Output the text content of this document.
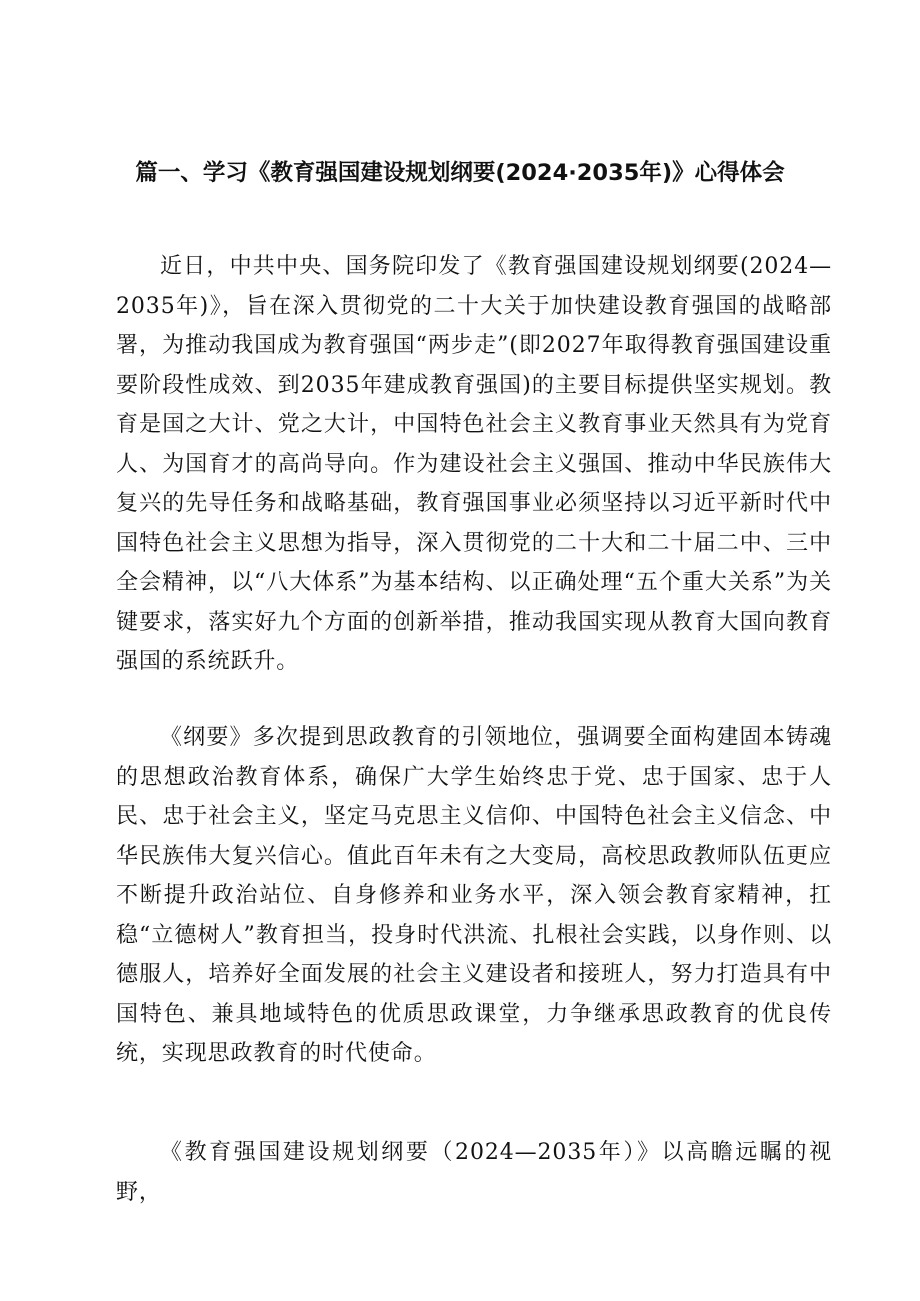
篇一、学习《教育强国建设规划纲要(2024·2035年)》心得体会

近日，中共中央、国务院印发了《教育强国建设规划纲要(2024—2035年)》，旨在深入贯彻党的二十大关于加快建设教育强国的战略部署，为推动我国成为教育强国“两步走”(即2027年取得教育强国建设重要阶段性成效、到2035年建成教育强国)的主要目标提供坚实规划。教育是国之大计、党之大计，中国特色社会主义教育事业天然具有为党育人、为国育才的高尚导向。作为建设社会主义强国、推动中华民族伟大复兴的先导任务和战略基础，教育强国事业必须坚持以习近平新时代中国特色社会主义思想为指导，深入贯彻党的二十大和二十届二中、三中全会精神，以“八大体系”为基本结构、以正确处理“五个重大关系”为关键要求，落实好九个方面的创新举措，推动我国实现从教育大国向教育强国的系统跃升。

《纲要》多次提到思政教育的引领地位，强调要全面构建固本铸魂的思想政治教育体系，确保广大学生始终忠于党、忠于国家、忠于人民、忠于社会主义，坚定马克思主义信仰、中国特色社会主义信念、中华民族伟大复兴信心。值此百年未有之大变局，高校思政教师队伍更应不断提升政治站位、自身修养和业务水平，深入领会教育家精神，扛稳“立德树人”教育担当，投身时代洪流、扎根社会实践，以身作则、以德服人，培养好全面发展的社会主义建设者和接班人，努力打造具有中国特色、兼具地域特色的优质思政课堂，力争继承思政教育的优良传统，实现思政教育的时代使命。

《教育强国建设规划纲要（2024—2035年）》以高瞻远瞩的视野，
